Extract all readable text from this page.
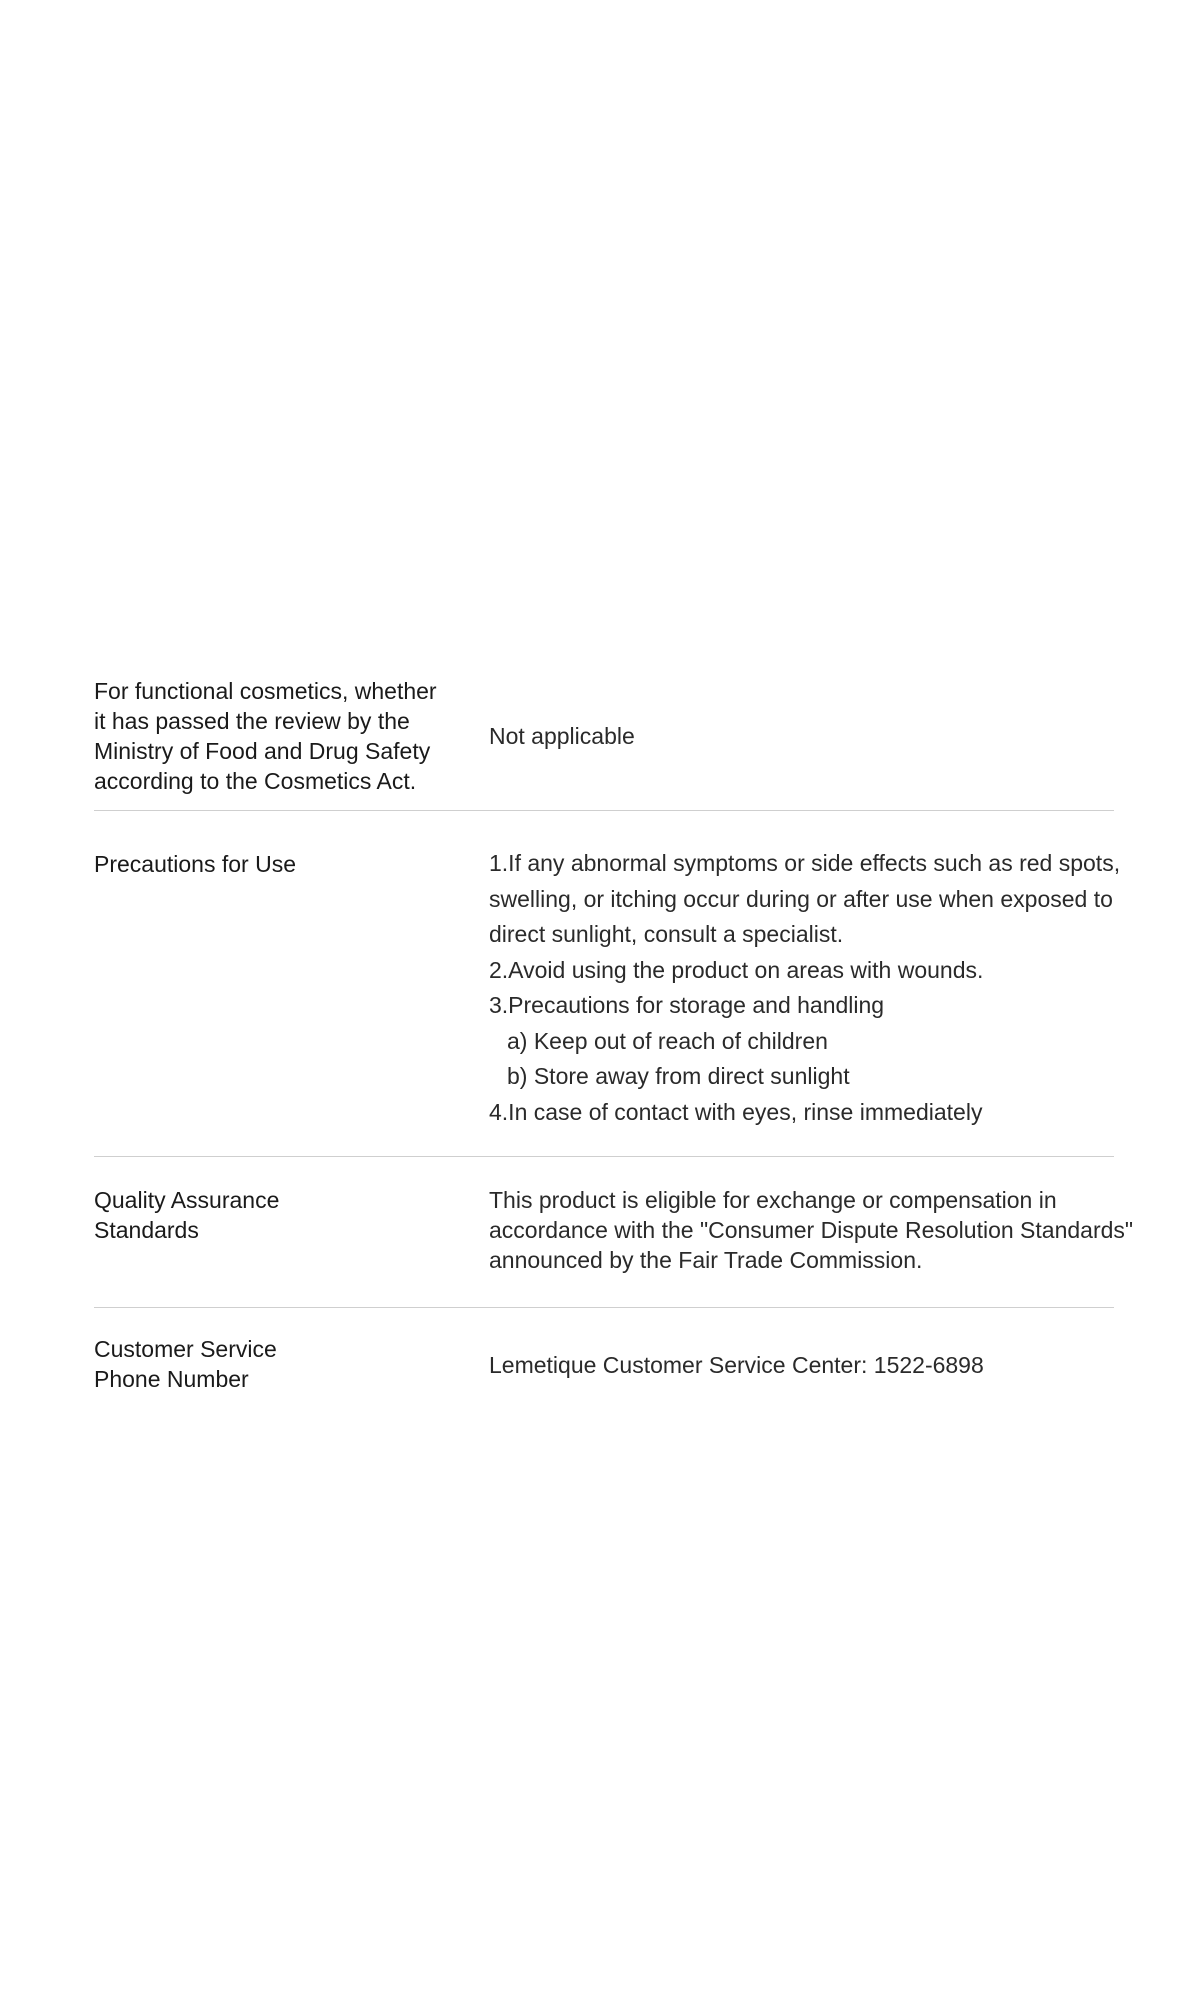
For functional cosmetics, whether
it has passed the review by the
Ministry of Food and Drug Safety
according to the Cosmetics Act.
Not applicable
Precautions for Use	1.If any abnormal symptoms or side effects such as red spots,
swelling, or itching occur during or after use when exposed to
direct sunlight, consult a specialist.
2.Avoid using the product on areas with wounds.
3.Precautions for storage and handling
a) Keep out of reach of children
b) Store away from direct sunlight
4.In case of contact with eyes, rinse immediately
Quality Assurance
Standards
This product is eligible for exchange or compensation in
accordance with the "Consumer Dispute Resolution Standards"
announced by the Fair Trade Commission.
Customer Service
Phone Number
Lemetique Customer Service Center: 1522-6898
